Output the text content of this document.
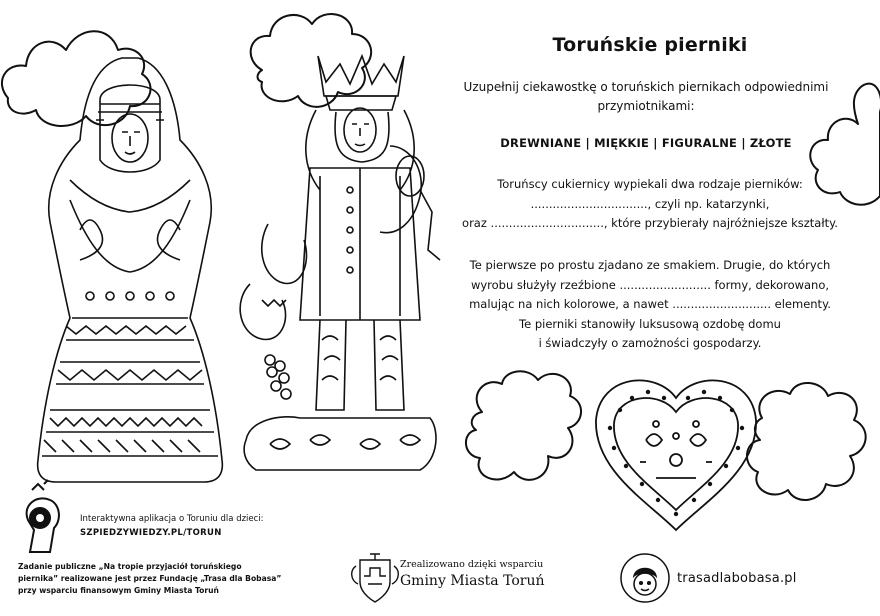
Toruńskie pierniki
Uzupełnij ciekawostkę o toruńskich piernikach odpowiednimi
przymiotnikami:
DREWNIANE | MIĘKKIE | FIGURALNE | ZŁOTE
Toruńscy cukiernicy wypiekali dwa rodzaje pierników:
................................, czyli np. katarzynki,
oraz ..............................., które przybierały najróżniejsze kształty.
Te pierwsze po prostu zjadano ze smakiem. Drugie, do których
wyrobu służyły rzeźbione ......................... formy, dekorowano,
malując na nich kolorowe, a nawet ........................... elementy.
Te pierniki stanowiły luksusową ozdobę domu
i świadczyły o zamożności gospodarzy.
Interaktywna aplikacja o Toruniu dla dzieci:
SZPIEDZYWIEDZY.PL/TORUN
Zadanie publiczne „Na tropie przyjaciół toruńskiego
piernika” realizowane jest przez Fundację „Trasa dla Bobasa”
przy wsparciu finansowym Gminy Miasta Toruń
Zrealizowano dzięki wsparciu
Gminy Miasta Toruń	trasadlabobasa.pl
